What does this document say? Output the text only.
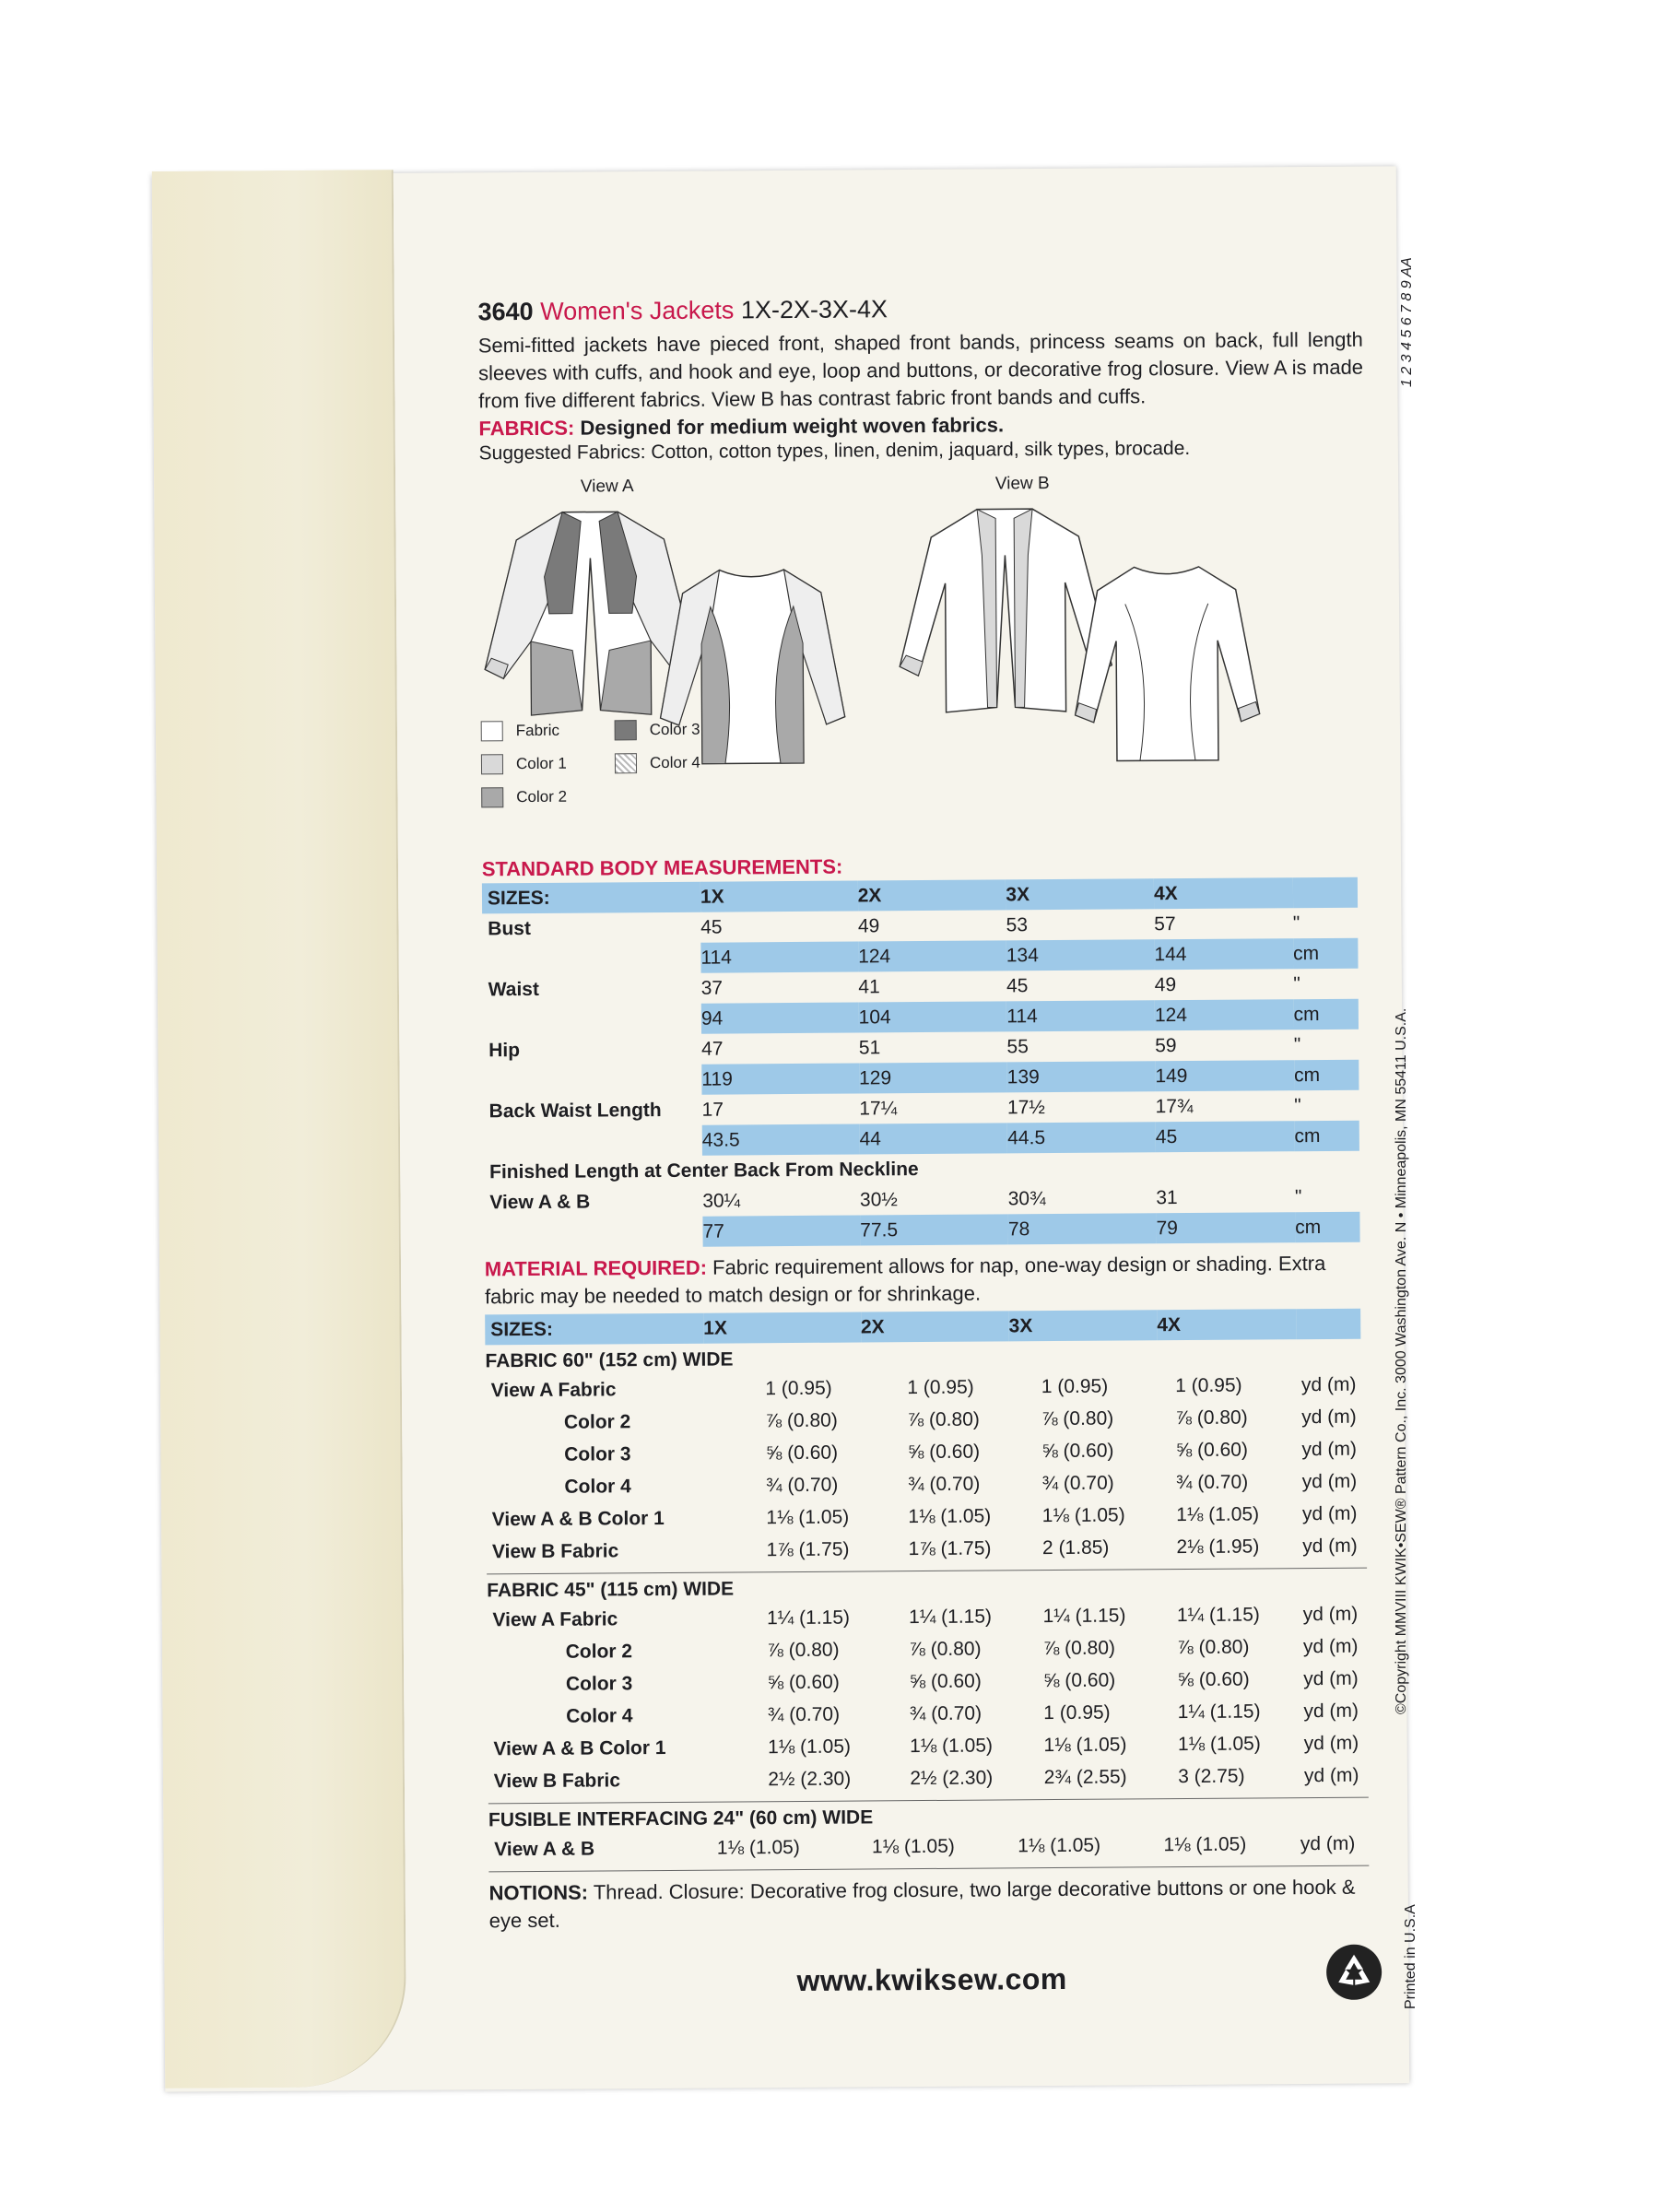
3640 Women's Jackets 1X-2X-3X-4X

Semi-fitted jackets have pieced front, shaped front bands, princess seams on back, full length sleeves with cuffs, and hook and eye, loop and buttons, or decorative frog closure. View A is made from five different fabrics. View B has contrast fabric front bands and cuffs.

FABRICS: Designed for medium weight woven fabrics.

Suggested Fabrics: Cotton, cotton types, linen, denim, jaquard, silk types, brocade.

View A	View B
Fabric
Color 1
Color 2
Color 3
Color 4

STANDARD BODY MEASUREMENTS:

SIZES:	1X	2X	3X	4X	
Bust	45	49	53	57	"
	114	124	134	144	cm
Waist	37	41	45	49	"
	94	104	114	124	cm
Hip	47	51	55	59	"
	119	129	139	149	cm
Back Waist Length	17	17¼	17½	17¾	"
	43.5	44	44.5	45	cm
Finished Length at Center Back From Neckline					
View A & B	30¼	30½	30¾	31	"
	77	77.5	78	79	cm

MATERIAL REQUIRED: Fabric requirement allows for nap, one-way design or shading. Extra fabric may be needed to match design or for shrinkage.

SIZES:	1X	2X	3X	4X	

FABRIC 60" (152 cm) WIDE

View A Fabric	1 (0.95)	1 (0.95)	1 (0.95)	1 (0.95)	yd (m)
Color 2	⅞ (0.80)	⅞ (0.80)	⅞ (0.80)	⅞ (0.80)	yd (m)
Color 3	⅝ (0.60)	⅝ (0.60)	⅝ (0.60)	⅝ (0.60)	yd (m)
Color 4	¾ (0.70)	¾ (0.70)	¾ (0.70)	¾ (0.70)	yd (m)
View A & B Color 1	1⅛ (1.05)	1⅛ (1.05)	1⅛ (1.05)	1⅛ (1.05)	yd (m)
View B Fabric	1⅞ (1.75)	1⅞ (1.75)	2 (1.85)	2⅛ (1.95)	yd (m)

FABRIC 45" (115 cm) WIDE

View A Fabric	1¼ (1.15)	1¼ (1.15)	1¼ (1.15)	1¼ (1.15)	yd (m)
Color 2	⅞ (0.80)	⅞ (0.80)	⅞ (0.80)	⅞ (0.80)	yd (m)
Color 3	⅝ (0.60)	⅝ (0.60)	⅝ (0.60)	⅝ (0.60)	yd (m)
Color 4	¾ (0.70)	¾ (0.70)	1 (0.95)	1¼ (1.15)	yd (m)
View A & B Color 1	1⅛ (1.05)	1⅛ (1.05)	1⅛ (1.05)	1⅛ (1.05)	yd (m)
View B Fabric	2½ (2.30)	2½ (2.30)	2¾ (2.55)	3 (2.75)	yd (m)

FUSIBLE INTERFACING 24" (60 cm) WIDE

View A & B	1⅛ (1.05)	1⅛ (1.05)	1⅛ (1.05)	1⅛ (1.05)	yd (m)

NOTIONS: Thread. Closure: Decorative frog closure, two large decorative buttons or one hook & eye set.

www.kwiksew.com
1 2 3 4 5 6 7 8 9 AA
©Copyright MMVIII KWIK•SEW® Pattern Co., Inc. 3000 Washington Ave. N • Minneapolis, MN 55411 U.S.A.
Printed in U.S.A
